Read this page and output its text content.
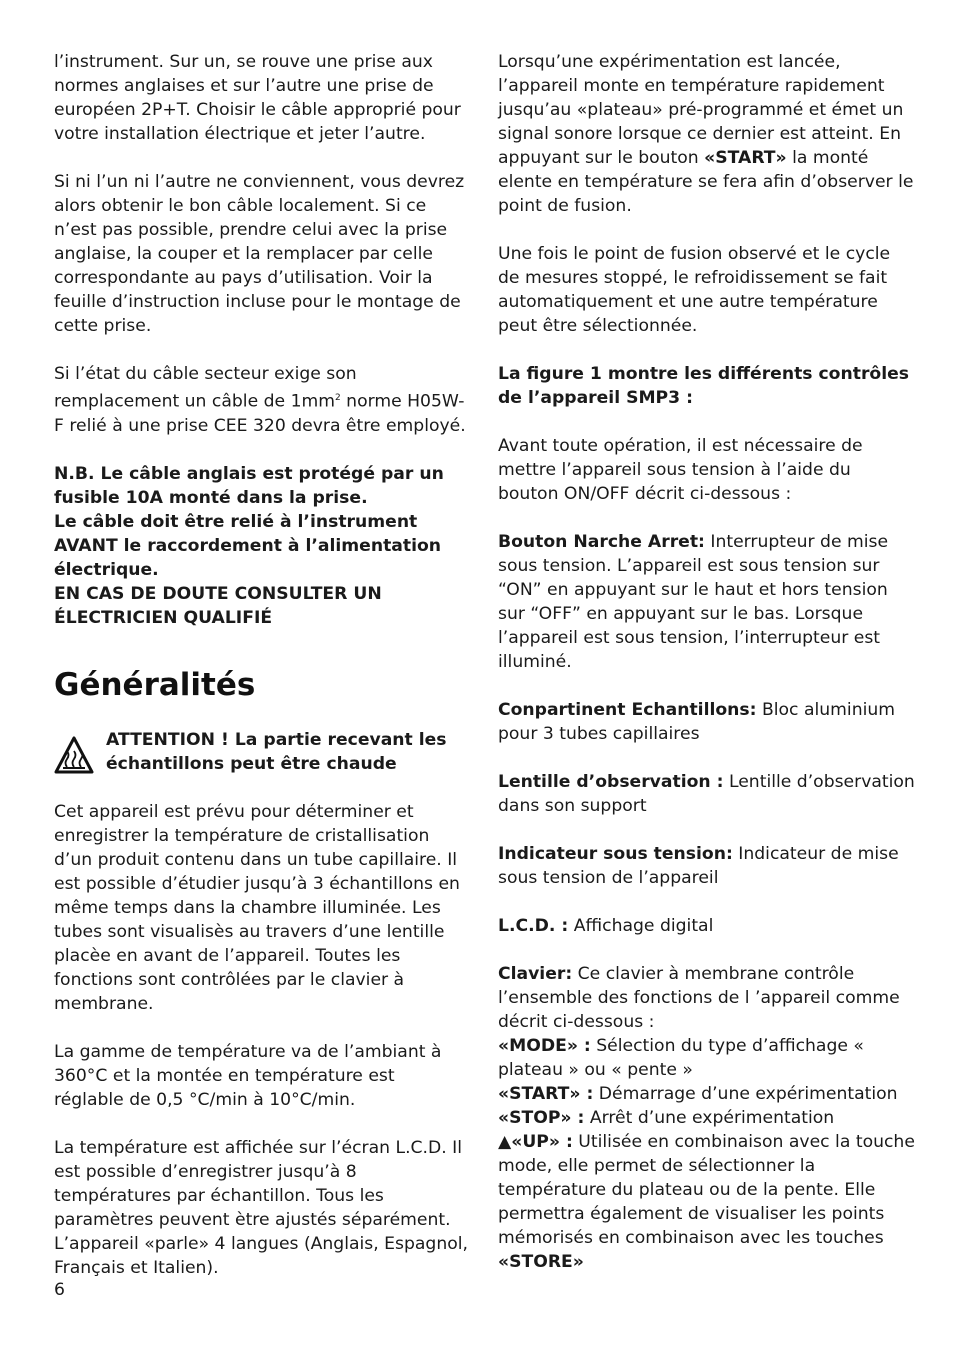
l’instrument. Sur un, se rouve une prise aux normes anglaises et sur l’autre une prise de européen 2P+T. Choisir le câble approprié pour votre installation électrique et jeter l’autre.

Si ni l’un ni l’autre ne conviennent, vous devrez alors obtenir le bon câble localement. Si ce n’est pas possible, prendre celui avec la prise anglaise, la couper et la remplacer par celle correspondante au pays d’utilisation. Voir la feuille d’instruction incluse pour le montage de cette prise.

Si l’état du câble secteur exige son remplacement un câble de $1mm^2$ norme H05W-F relié à une prise CEE 320 devra être employé.

N.B. Le câble anglais est protégé par un fusible 10A monté dans la prise.
Le câble doit être relié à l’instrument AVANT le raccordement à l’alimentation électrique.
EN CAS DE DOUTE CONSULTER UN ÉLECTRICIEN QUALIFIÉ

Généralités
ATTENTION ! La partie recevant les échantillons peut être chaude

Cet appareil est prévu pour déterminer et enregistrer la température de cristallisation d’un produit contenu dans un tube capillaire. Il est possible d’étudier jusqu’à 3 échantillons en même temps dans la chambre illuminée. Les tubes sont visualisès au travers d’une lentille placèe en avant de l’appareil. Toutes les fonctions sont contrôlées par le clavier à membrane.

La gamme de température va de l’ambiant à 360°C et la montée en température est réglable de 0,5 °C/min à 10°C/min.

La température est affichée sur l’écran L.C.D. Il est possible d’enregistrer jusqu’à 8 températures par échantillon. Tous les paramètres peuvent ètre ajustés séparément. L’appareil «parle» 4 langues (Anglais, Espagnol, Français et Italien).

Lorsqu’une expérimentation est lancée, l’appareil monte en température rapidement jusqu’au «plateau» pré-programmé et émet un signal sonore lorsque ce dernier est atteint. En appuyant sur le bouton «START» la monté elente en température se fera afin d’observer le point de fusion.

Une fois le point de fusion observé et le cycle de mesures stoppé, le refroidissement se fait automatiquement et une autre température peut être sélectionnée.

La figure 1 montre les différents contrôles de l’appareil SMP3 :

Avant toute opération, il est nécessaire de mettre l’appareil sous tension à l’aide du bouton ON/OFF décrit ci-dessous :

Bouton Narche Arret: Interrupteur de mise sous tension. L’appareil est sous tension sur “ON” en appuyant sur le haut et hors tension sur “OFF” en appuyant sur le bas. Lorsque l’appareil est sous tension, l’interrupteur est illuminé.

Conpartinent Echantillons: Bloc aluminium pour 3 tubes capillaires

Lentille d’observation : Lentille d’observation dans son support

Indicateur sous tension: Indicateur de mise sous tension de l’appareil

L.C.D. : Affichage digital

Clavier: Ce clavier à membrane contrôle l’ensemble des fonctions de l ’appareil comme décrit ci-dessous :
«MODE» : Sélection du type d’affichage « plateau » ou « pente »
«START» : Démarrage d’une expérimentation
«STOP» : Arrêt d’une expérimentation
▲«UP» : Utilisée en combinaison avec la touche mode, elle permet de sélectionner la température du plateau ou de la pente. Elle permettra également de visualiser les points mémorisés en combinaison avec les touches «STORE»

6
